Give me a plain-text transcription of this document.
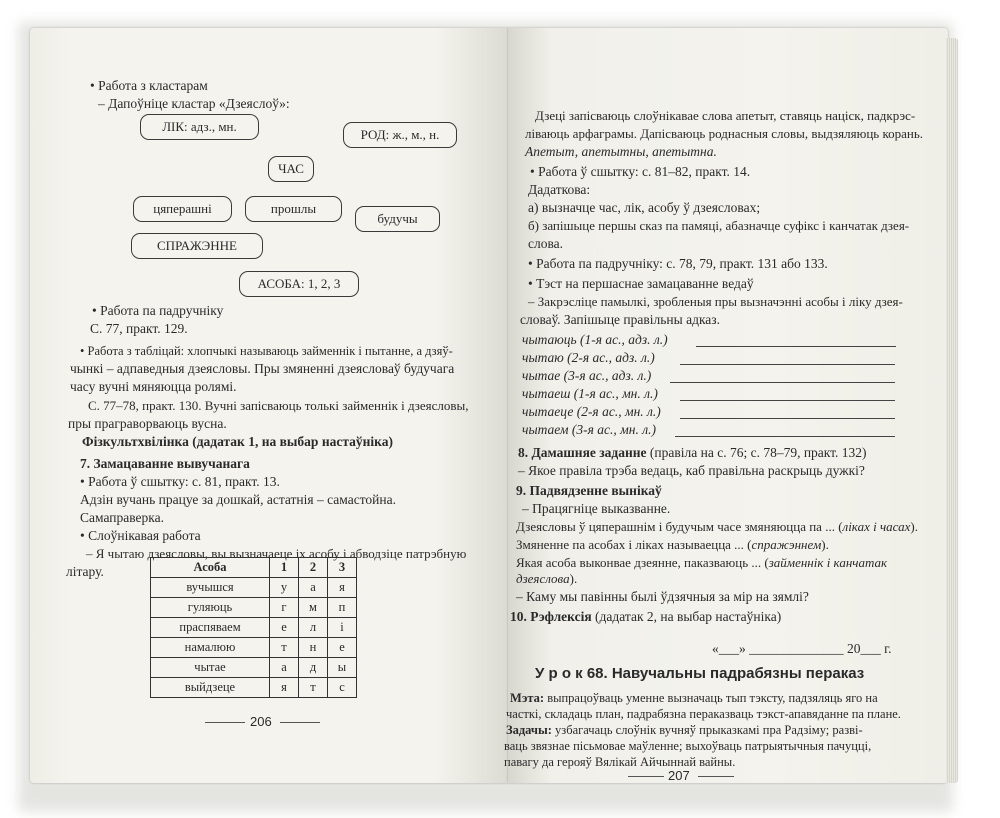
• Работа з кластарам
– Дапоўніце кластар «Дзеяслоў»:
ЛІК: адз., мн.
РОД: ж., м., н.
ЧАС
цяперашні	прошлы
будучы
СПРАЖЭННЕ
АСОБА: 1, 2, 3
• Работа па падручніку
С. 77, практ. 129.
• Работа з табліцай: хлопчыкі называюць займеннік і пытанне, а дзяў-
чынкі – адпаведныя дзеясловы. Пры змяненні дзеясловаў будучага
часу вучні мяняюцца ролямі.
С. 77–78, практ. 130. Вучні запісваюць толькі займеннік і дзеясловы,
пры праграворваюць вусна.
Фізкультхвілінка (дадатак 1, на выбар настаўніка)
7. Замацаванне вывучанага
• Работа ў сшытку: с. 81, практ. 13.
Адзін вучань працуе за дошкай, астатнія – самастойна.
Самаправерка.
• Слоўнікавая работа
– Я чытаю дзеясловы, вы вызначаеце іх асобу і абводзіце патрэбную
літару.	Асоба	1	2	3
вучышся	у	а	я
гуляюць	г	м	п
праспяваем	е	л	і
намалюю	т	н	е
чытае	а	д	ы
выйдзеце	я	т	с
206
Дзеці запісваюць слоўнікавае слова апетыт, ставяць націск, падкрэс-
ліваюць арфаграмы. Дапісваюць роднасныя словы, выдзяляюць корань.
Апетыт, апетытны, апетытна.
• Работа ў сшытку: с. 81–82, практ. 14.
Дадаткова:
а) вызначце час, лік, асобу ў дзеясловах;
б) запішыце першы сказ па памяці, абазначце суфікс і канчатак дзея-
слова.
• Работа па падручніку: с. 78, 79, практ. 131 або 133.
• Тэст на першаснае замацаванне ведаў
– Закрэсліце памылкі, зробленыя пры вызначэнні асобы і ліку дзея-
словаў. Запішыце правільны адказ.
чытаюць (1-я ас., адз. л.)
чытаю (2-я ас., адз. л.)
чытае (3-я ас., адз. л.)
чытаеш (1-я ас., мн. л.)
чытаеце (2-я ас., мн. л.)
чытаем (3-я ас., мн. л.)
8. Дамашняе заданне (правіла на с. 76; с. 78–79, практ. 132)
– Якое правіла трэба ведаць, каб правільна раскрыць дужкі?
9. Падвядзенне вынікаў
– Працягніце выказванне.
Дзеясловы ў цяперашнім і будучым часе змяняюцца па ... (ліках і часах).
Змяненне па асобах і ліках называецца ... (спражэннем).
Якая асоба выконвае дзеянне, паказваюць ... (займеннік і канчатак
дзеяслова).
– Каму мы павінны былі ўдзячныя за мір на зямлі?
10. Рэфлексія (дадатак 2, на выбар настаўніка)
«___» ______________ 20___ г.
У р о к 68. Навучальны падрабязны пераказ
Мэта: выпрацоўваць уменне вызначаць тып тэксту, падзяляць яго на
часткі, складаць план, падрабязна пераказваць тэкст-апавяданне па плане.
Задачы: узбагачаць слоўнік вучняў прыказкамі пра Радзіму; разві-
ваць звязнае пісьмовае маўленне; выхоўваць патрыятычныя пачуцці,
павагу да герояў Вялікай Айчыннай вайны.
207
